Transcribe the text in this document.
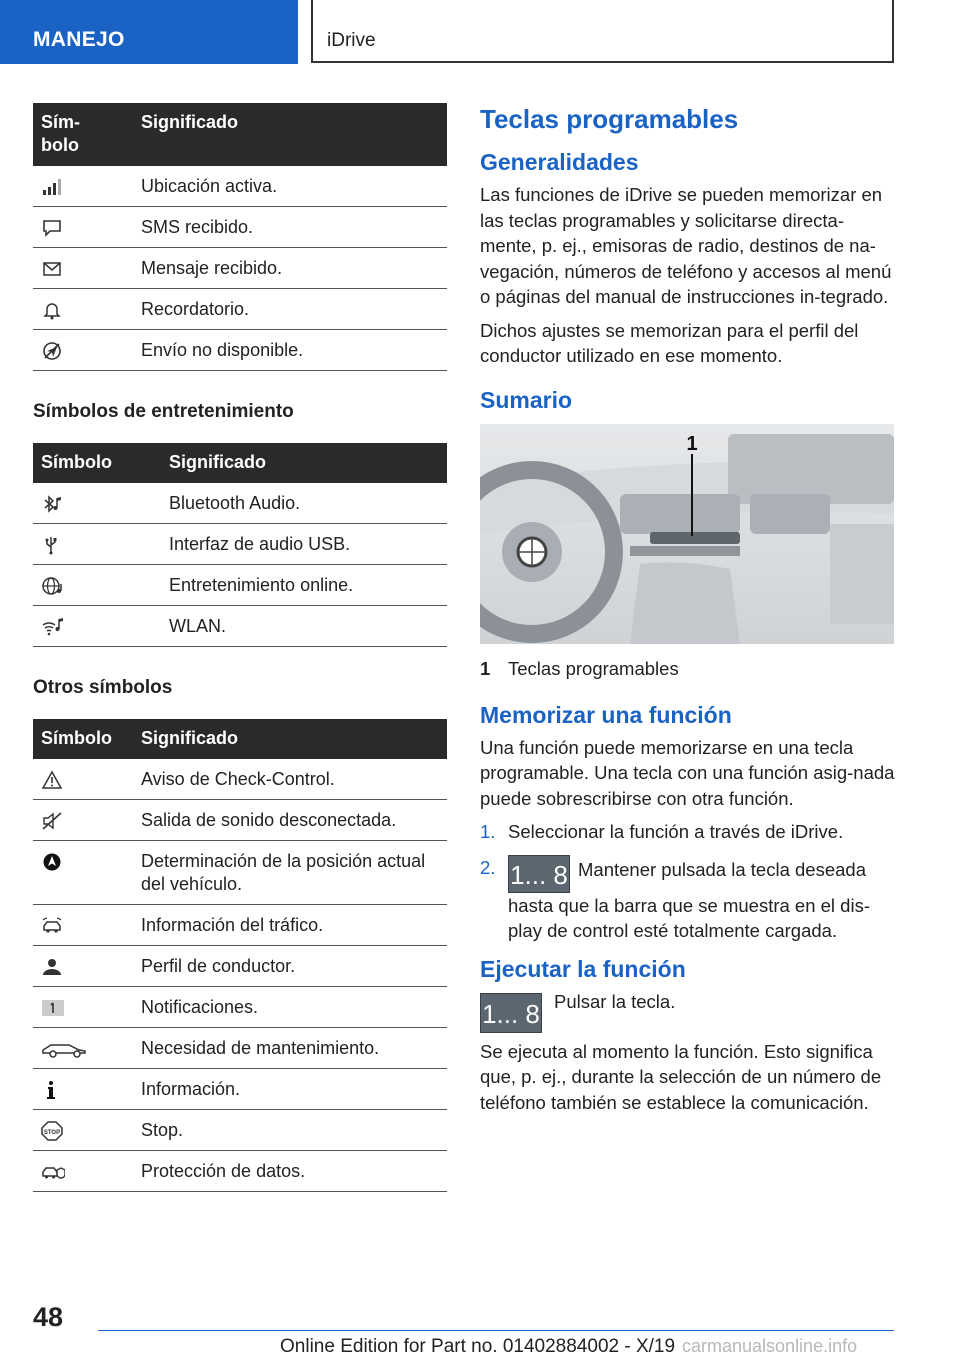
MANEJO	iDrive
Sím-
bolo	Significado

	Ubicación activa.

	SMS recibido.

	Mensaje recibido.

	Recordatorio.

	Envío no disponible.
Símbolos de entretenimiento
Símbolo	Significado

	Bluetooth Audio.

	Interfaz de audio USB.

	Entretenimiento online.

	WLAN.
Otros símbolos
Símbolo	Significado

	Aviso de Check-Control.

	Salida de sonido desconectada.

	Determinación de la posición actual del vehículo.

	Información del tráfico.

	Perfil de conductor.

	Notificaciones.

	Necesidad de mantenimiento.

	Información.

STOP	Stop.

	Protección de datos.
Teclas programables
Generalidades

Las funciones de iDrive se pueden memorizar en las teclas programables y solicitarse directa-mente, p. ej., emisoras de radio, destinos de na-vegación, números de teléfono y accesos al menú o páginas del manual de instrucciones in-tegrado.

Dichos ajustes se memorizan para el perfil del conductor utilizado en ese momento.

Sumario
1
1 Teclas programables
Memorizar una función

Una función puede memorizarse en una tecla programable. Una tecla con una función asig-nada puede sobrescribirse con otra función.

1. Seleccionar la función a través de iDrive.
2. 1... 8 Mantener pulsada la tecla deseada hasta que la barra que se muestra en el dis-play de control esté totalmente cargada.
Ejecutar la función
1... 8 Pulsar la tecla.

Se ejecuta al momento la función. Esto significa que, p. ej., durante la selección de un número de teléfono también se establece la comunicación.

48
Online Edition for Part no. 01402884002 - X/19 carmanualsonline.info
